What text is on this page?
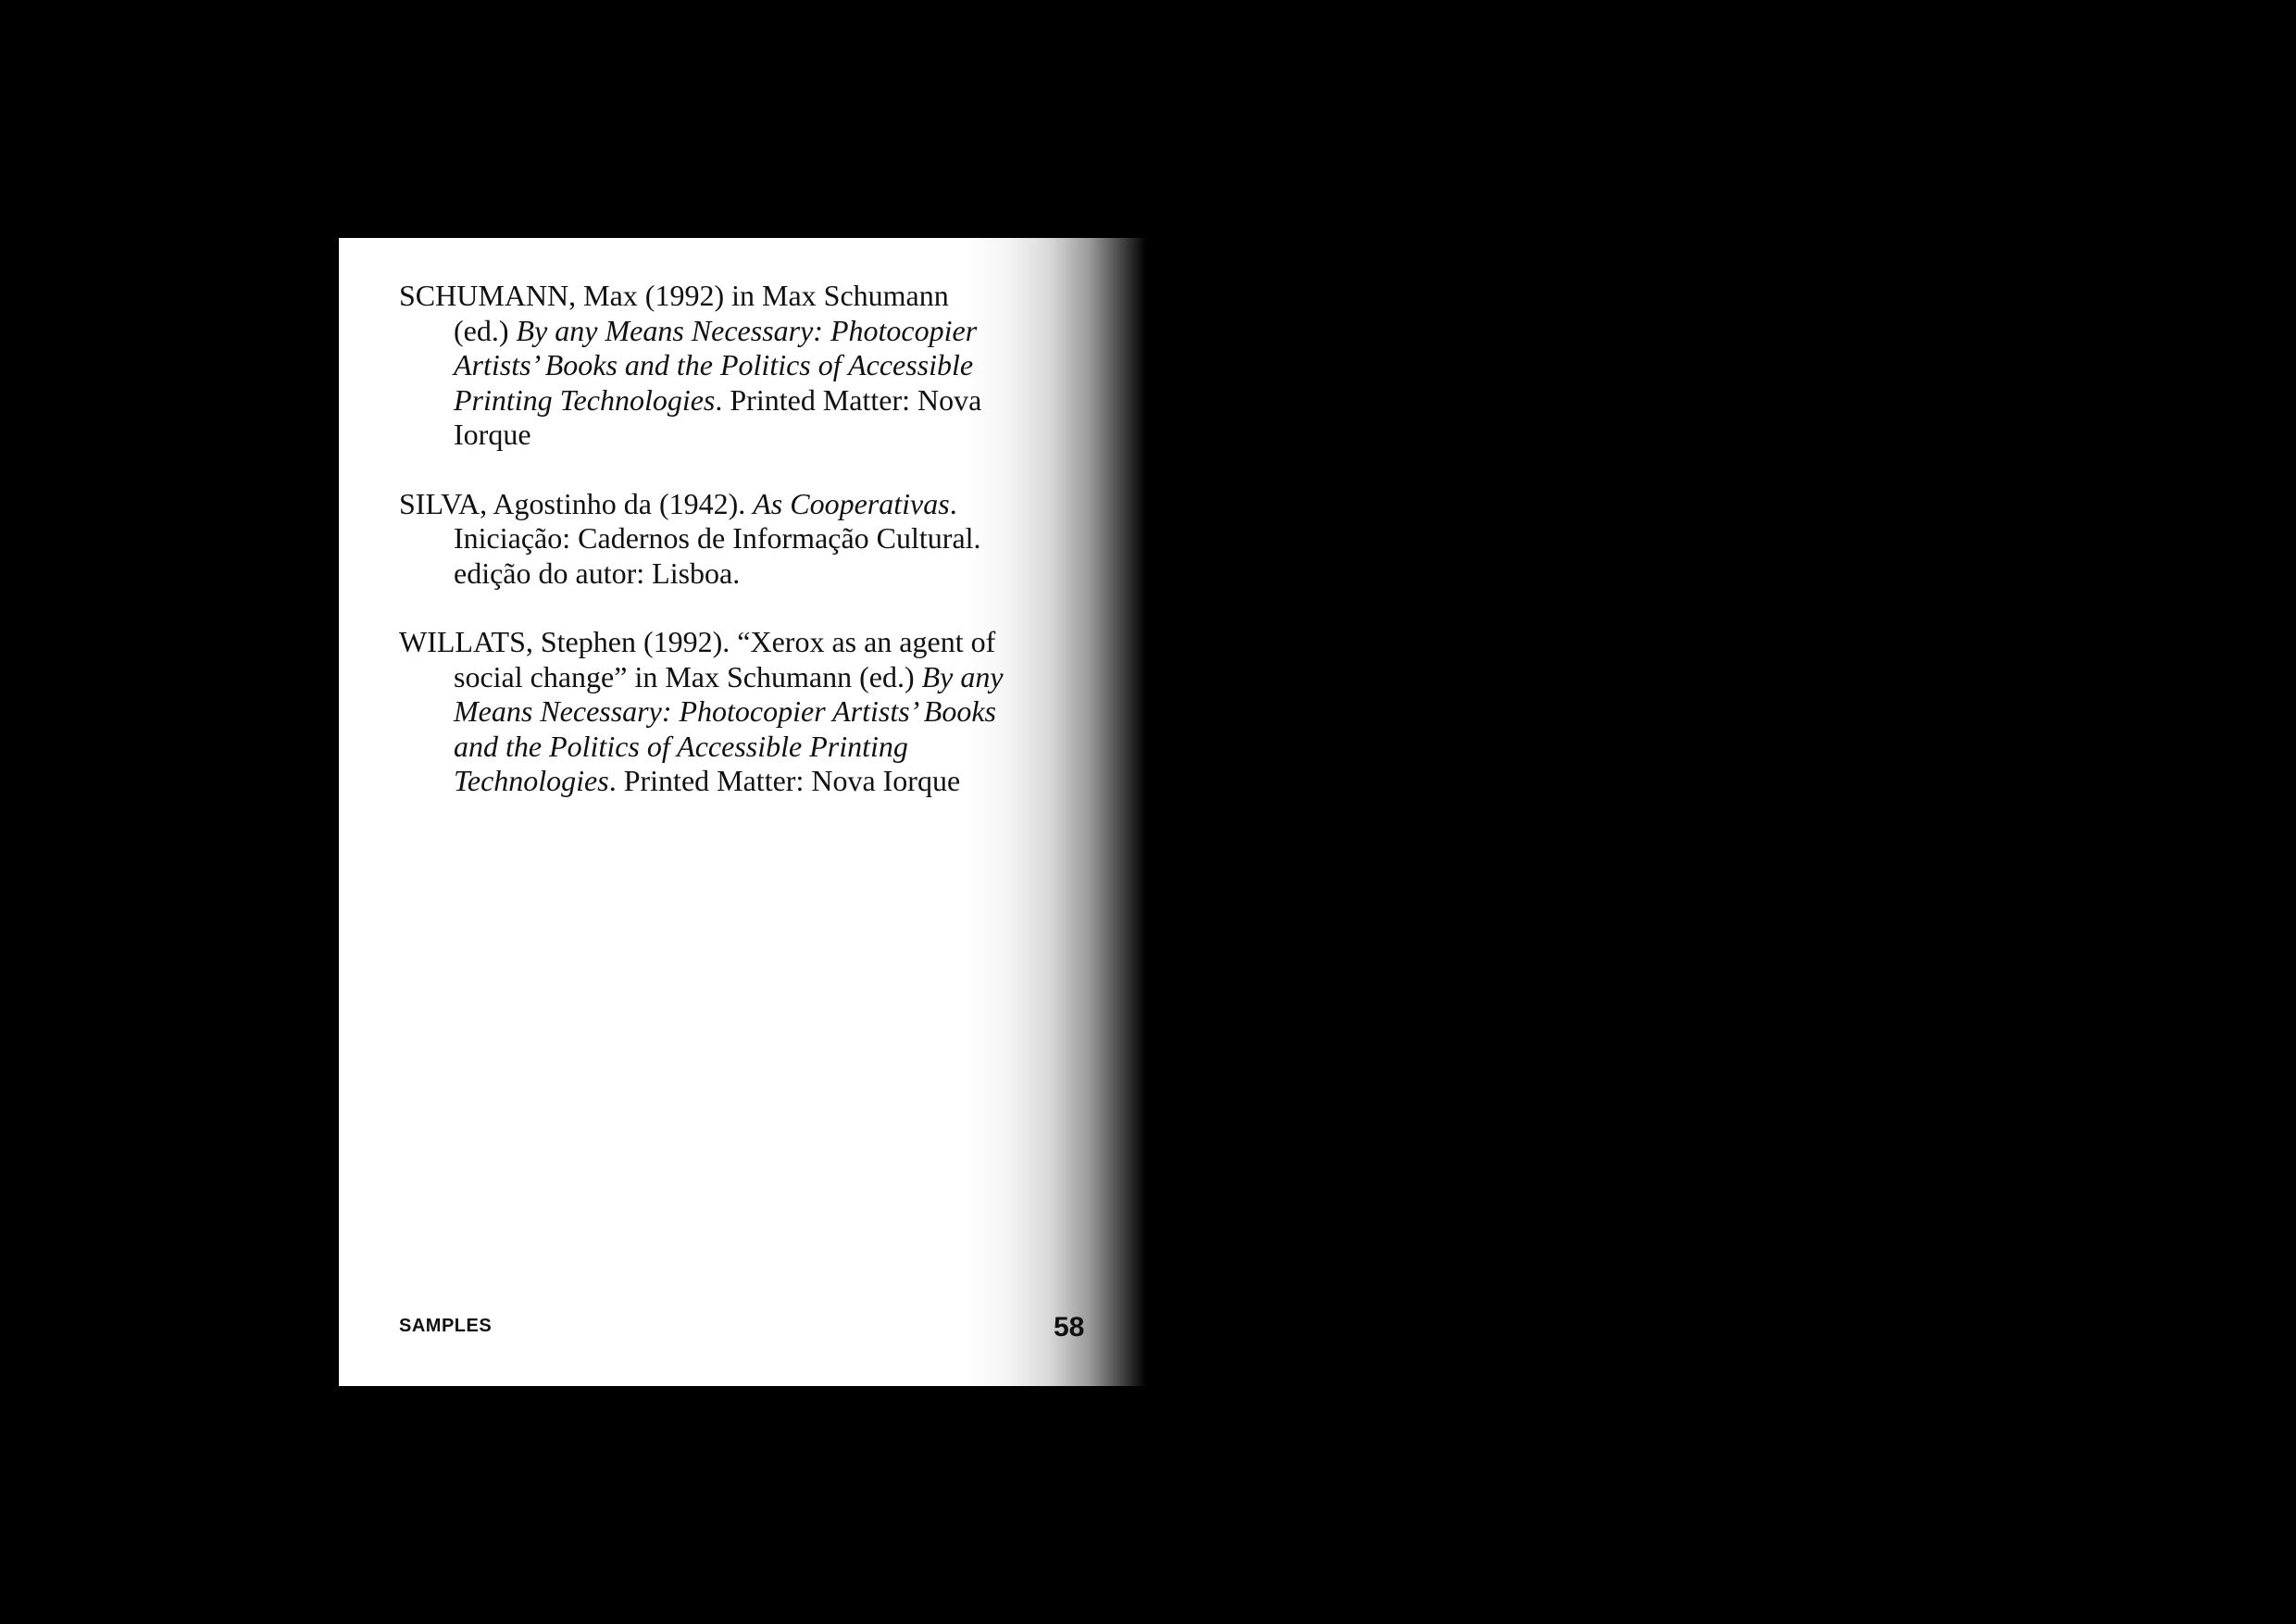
SCHUMANN, Max (1992) in Max Schumann (ed.) By any Means Necessary: Photocopier Artists’ Books and the Politics of Accessible Printing Technologies. Printed Matter: Nova Iorque

SILVA, Agostinho da (1942). As Cooperativas. Iniciação: Cadernos de Informação Cultural. edição do autor: Lisboa.

WILLATS, Stephen (1992). “Xerox as an agent of social change” in Max Schumann (ed.) By any Means Necessary: Photocopier Artists’ Books and the Politics of Accessible Printing Technologies. Printed Matter: Nova Iorque

SAMPLES	58
